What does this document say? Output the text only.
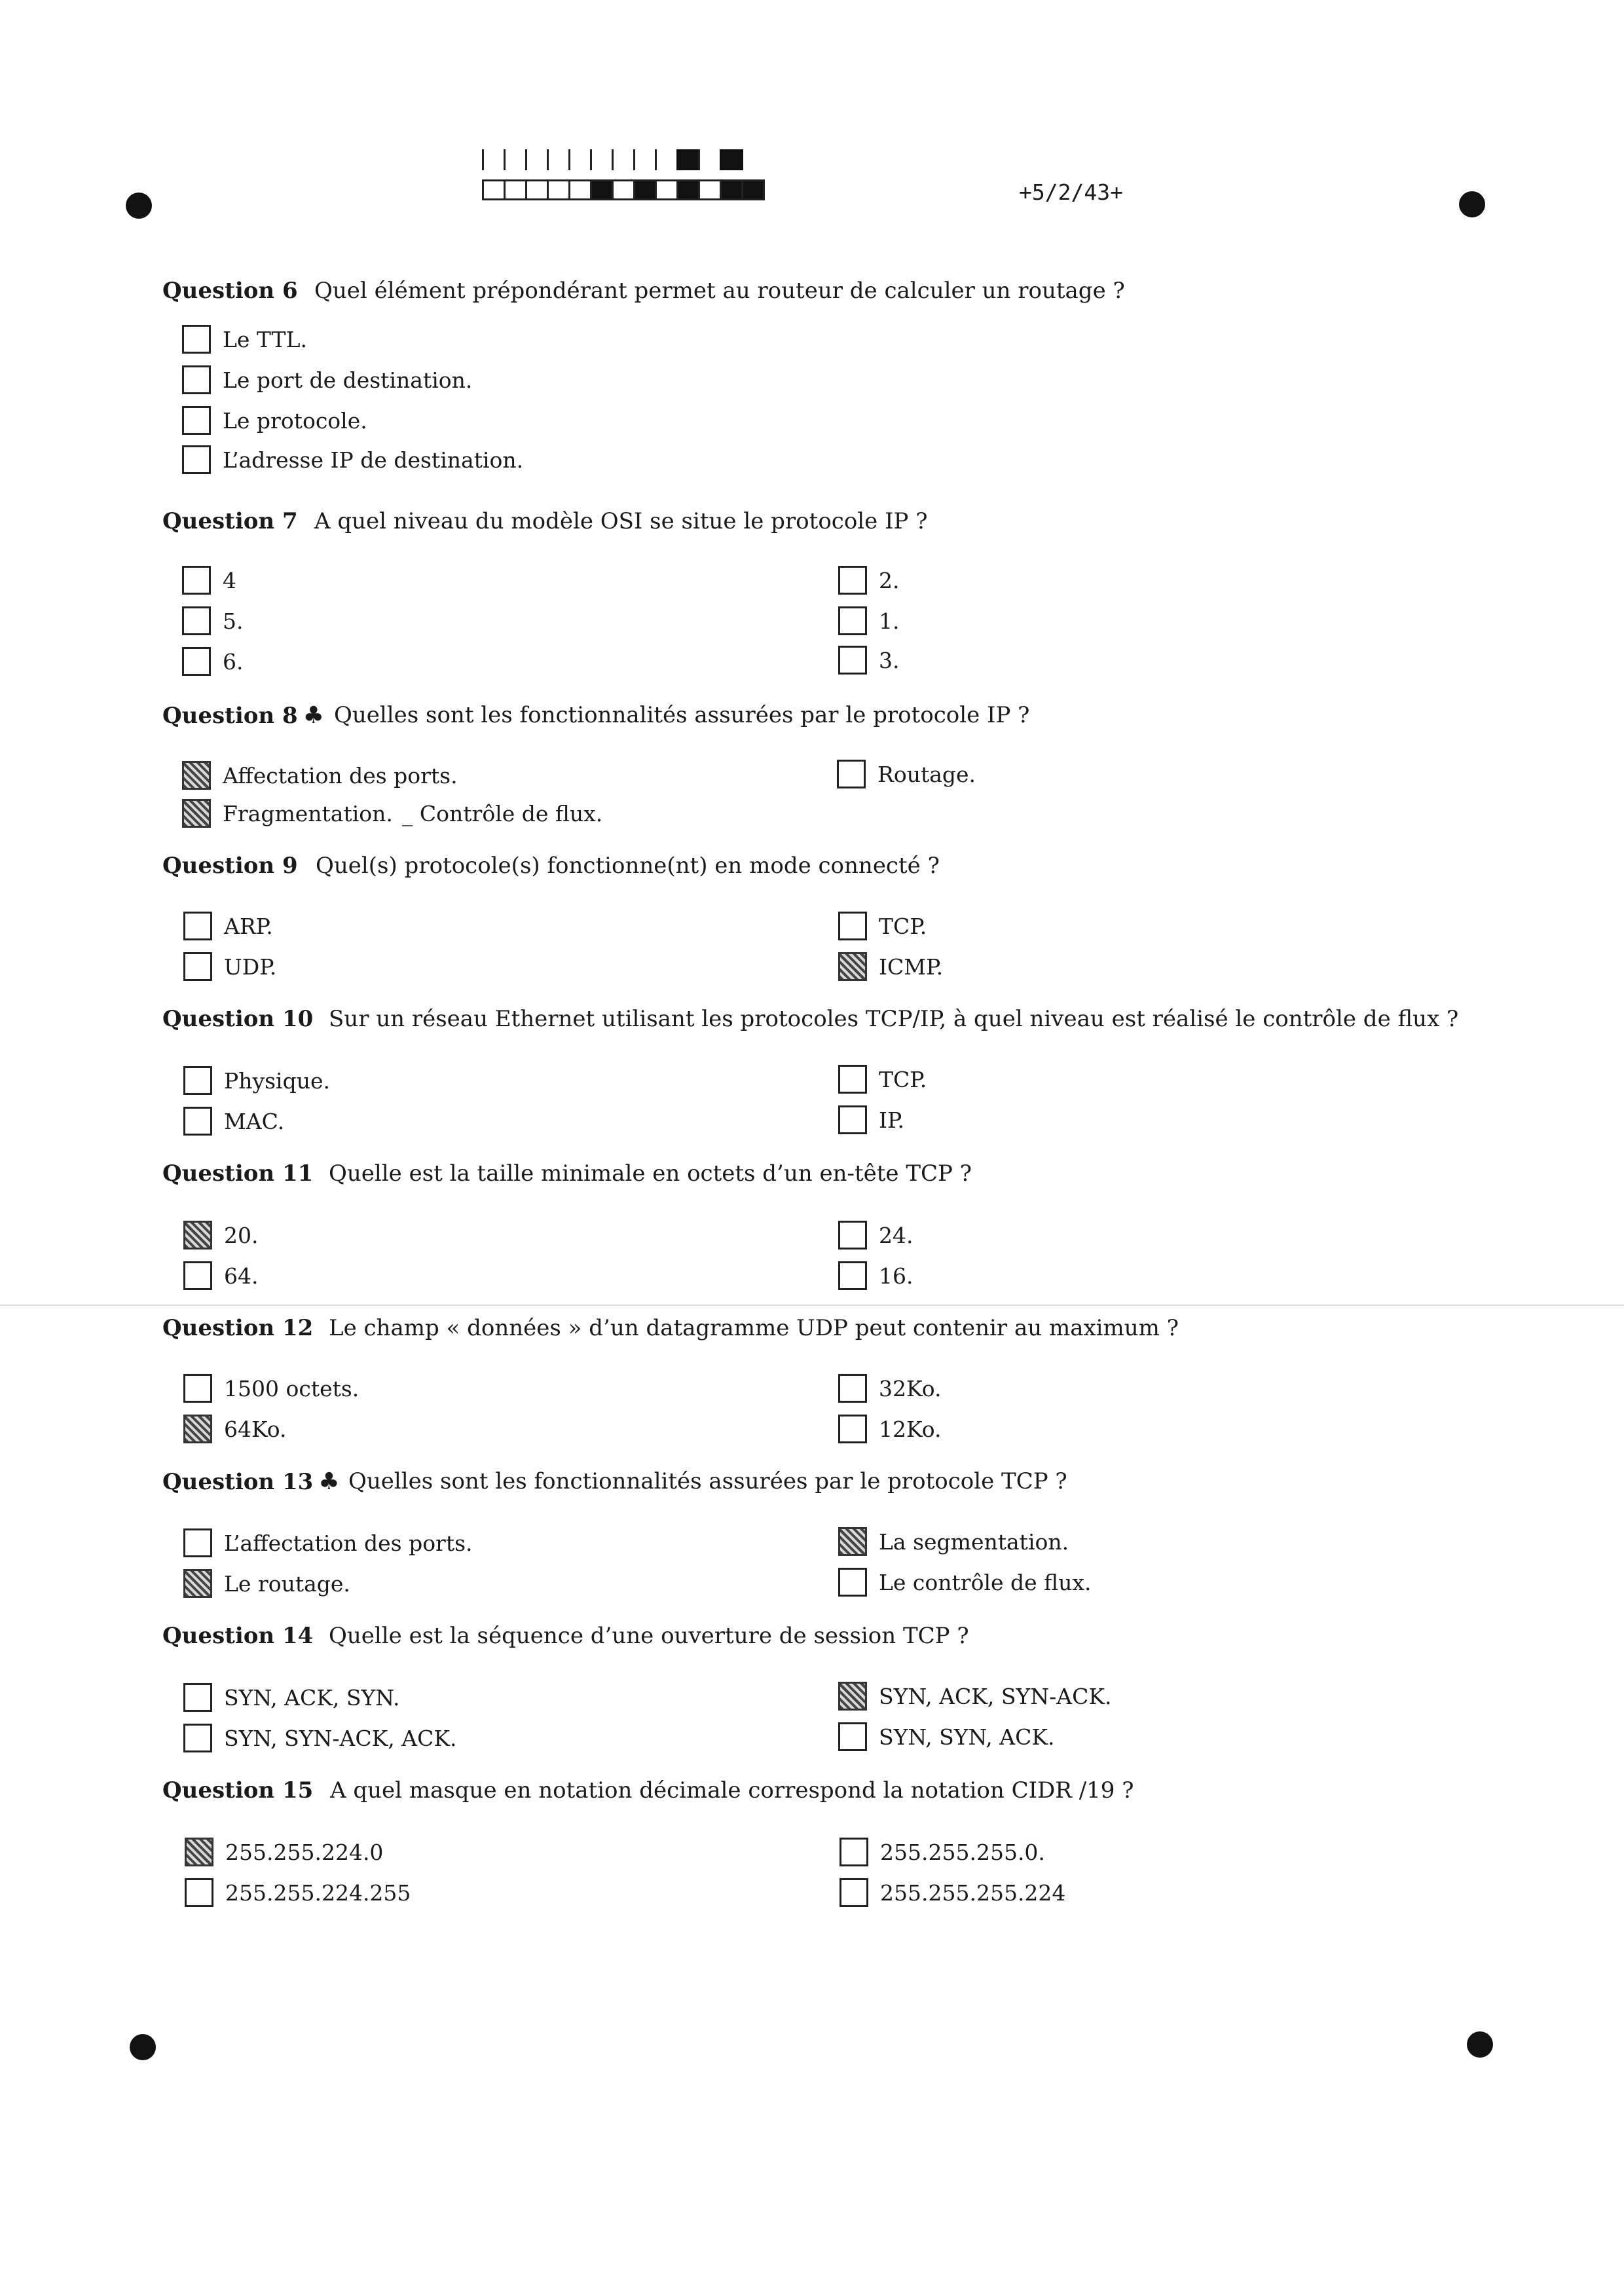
+5/2/43+
Question 6 Quel élément prépondérant permet au routeur de calculer un routage ?
Le TTL.
Le port de destination.
Le protocole.
L’adresse IP de destination.
Question 7 A quel niveau du modèle OSI se situe le protocole IP ?
4
5.
6.
2.
1.
3.
Question 8 ♣ Quelles sont les fonctionnalités assurées par le protocole IP ?
Affectation des ports.
Fragmentation. _ Contrôle de flux.
Routage.
Question 9 Quel(s) protocole(s) fonctionne(nt) en mode connecté ?
ARP.
UDP.
TCP.
ICMP.
Question 10 Sur un réseau Ethernet utilisant les protocoles TCP/IP, à quel niveau est réalisé le contrôle de flux ?
Physique.
MAC.
TCP.
IP.
Question 11 Quelle est la taille minimale en octets d’un en-tête TCP ?
20.
64.
24.
16.
Question 12 Le champ « données » d’un datagramme UDP peut contenir au maximum ?
1500 octets.
64Ko.
32Ko.
12Ko.
Question 13 ♣ Quelles sont les fonctionnalités assurées par le protocole TCP ?
L’affectation des ports.
Le routage.
La segmentation.
Le contrôle de flux.
Question 14 Quelle est la séquence d’une ouverture de session TCP ?
SYN, ACK, SYN.
SYN, SYN-ACK, ACK.
SYN, ACK, SYN-ACK.
SYN, SYN, ACK.
Question 15 A quel masque en notation décimale correspond la notation CIDR /19 ?
255.255.224.0
255.255.224.255
255.255.255.0.
255.255.255.224
